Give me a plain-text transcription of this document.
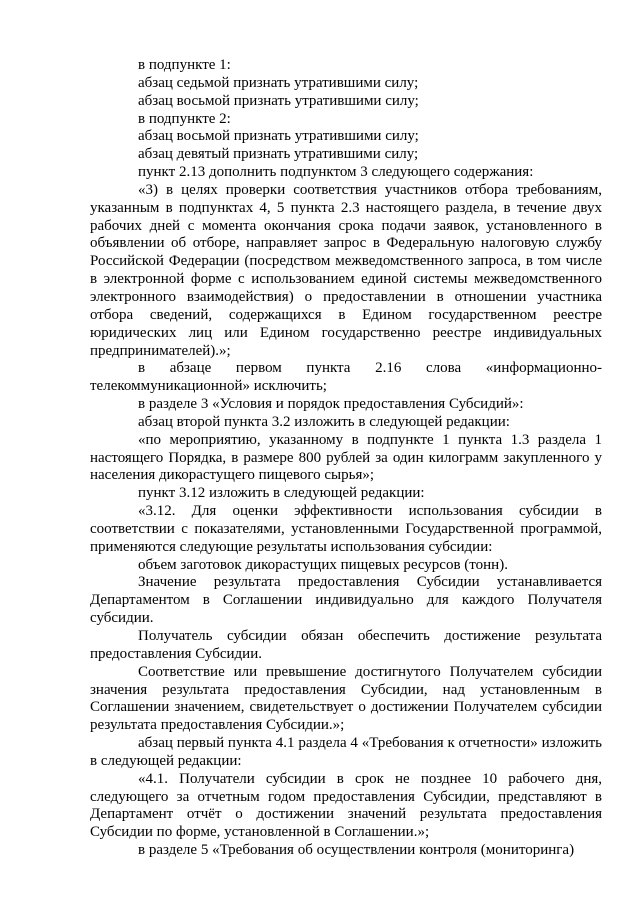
в подпункте 1:

абзац седьмой признать утратившими силу;

абзац восьмой признать утратившими силу;

в подпункте 2:

абзац восьмой признать утратившими силу;

абзац девятый признать утратившими силу;

пункт 2.13 дополнить подпунктом 3 следующего содержания:

«3) в целях проверки соответствия участников отбора требованиям, указанным в подпунктах 4, 5 пункта 2.3 настоящего раздела, в течение двух рабочих дней с момента окончания срока подачи заявок, установленного в объявлении об отборе, направляет запрос в Федеральную налоговую службу Российской Федерации (посредством межведомственного запроса, в том числе в электронной форме с использованием единой системы межведомственного электронного взаимодействия) о предоставлении в отношении участника отбора сведений, содержащихся в Едином государственном реестре юридических лиц или Едином государственно реестре индивидуальных предпринимателей).»;

в абзаце первом пункта 2.16 слова «информационно-телекоммуникационной» исключить;

в разделе 3 «Условия и порядок предоставления Субсидий»:

абзац второй пункта 3.2 изложить в следующей редакции:

«по мероприятию, указанному в подпункте 1 пункта 1.3 раздела 1 настоящего Порядка, в размере 800 рублей за один килограмм закупленного у населения дикорастущего пищевого сырья»;

пункт 3.12 изложить в следующей редакции:

«3.12. Для оценки эффективности использования субсидии в соответствии с показателями, установленными Государственной программой, применяются следующие результаты использования субсидии:

объем заготовок дикорастущих пищевых ресурсов (тонн).

Значение результата предоставления Субсидии устанавливается Департаментом в Соглашении индивидуально для каждого Получателя субсидии.

Получатель субсидии обязан обеспечить достижение результата предоставления Субсидии.

Соответствие или превышение достигнутого Получателем субсидии значения результата предоставления Субсидии, над установленным в Соглашении значением, свидетельствует о достижении Получателем субсидии результата предоставления Субсидии.»;

абзац первый пункта 4.1 раздела 4 «Требования к отчетности» изложить в следующей редакции:

«4.1. Получатели субсидии в срок не позднее 10 рабочего дня, следующего за отчетным годом предоставления Субсидии, представляют в Департамент отчёт о достижении значений результата предоставления Субсидии по форме, установленной в Соглашении.»;

в разделе 5 «Требования об осуществлении контроля (мониторинга)
